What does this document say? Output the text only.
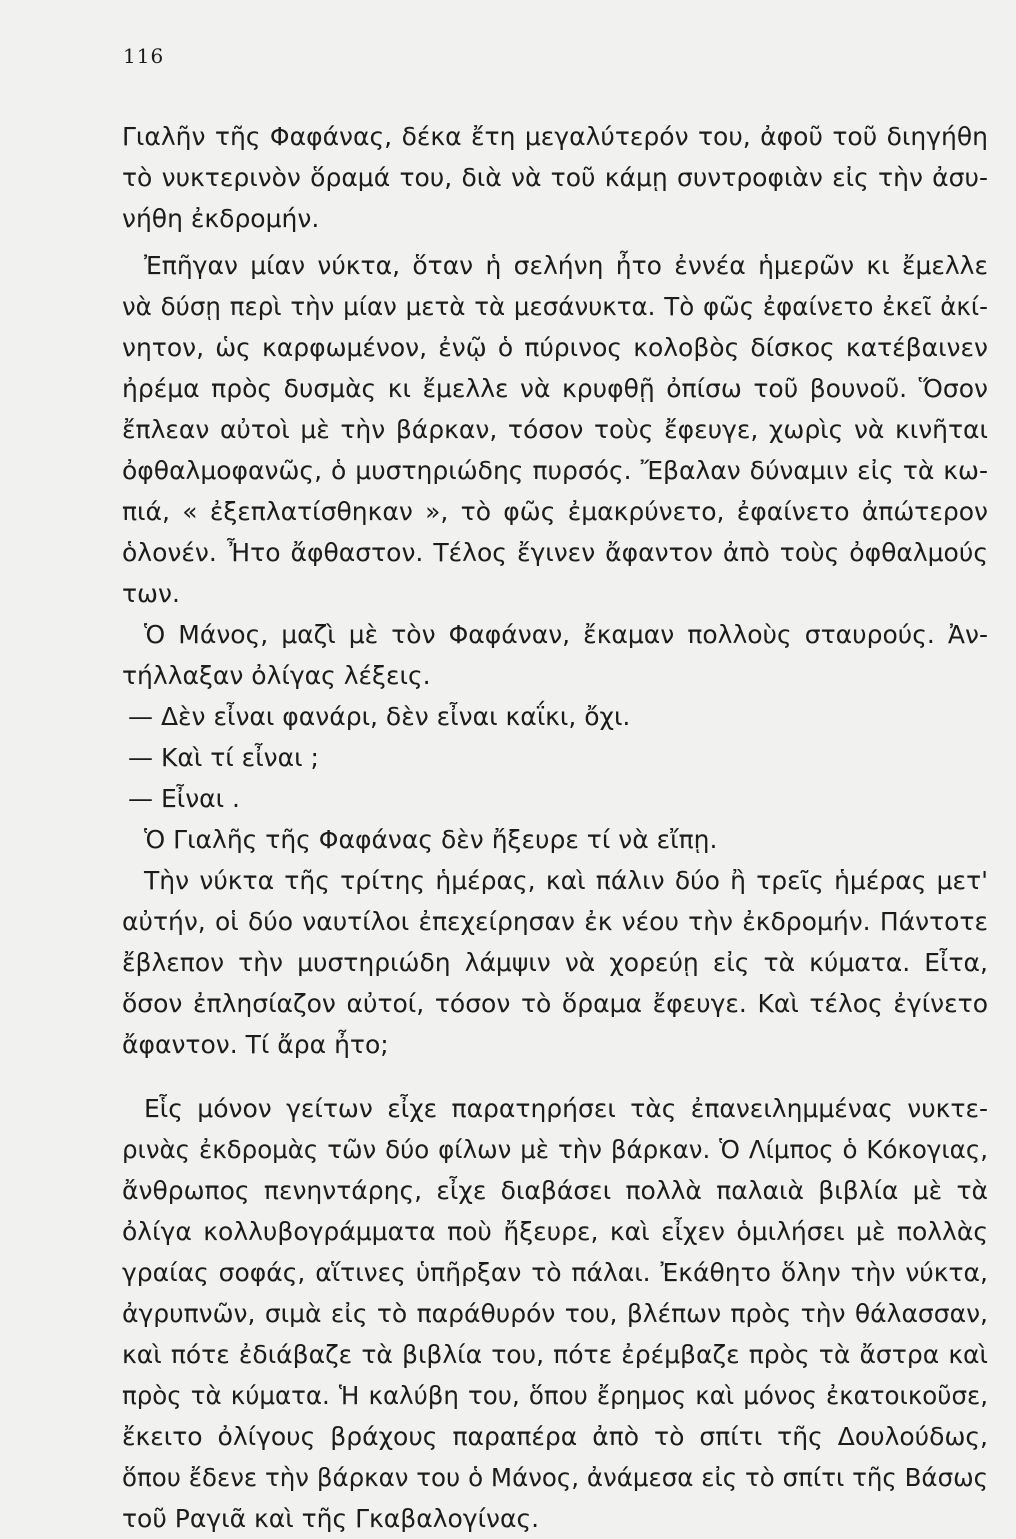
116
Γιαλῆν τῆς Φαφάνας, δέκα ἔτη μεγαλύτερόν του, ἀφοῦ τοῦ διηγήθη
τὸ νυκτερινὸν ὅραμά του, διὰ νὰ τοῦ κάμῃ συντροφιὰν εἰς τὴν ἀσυ-
νήθη ἐκδρομήν.
Ἐπῆγαν μίαν νύκτα, ὅταν ἡ σελήνη ἦτο ἐννέα ἡμερῶν κι ἔμελλε
νὰ δύσῃ περὶ τὴν μίαν μετὰ τὰ μεσάνυκτα. Τὸ φῶς ἐφαίνετο ἐκεῖ ἀκί-
νητον, ὡς καρφωμένον, ἐνῷ ὁ πύρινος κολοβὸς δίσκος κατέβαινεν
ἠρέμα πρὸς δυσμὰς κι ἔμελλε νὰ κρυφθῇ ὀπίσω τοῦ βουνοῦ. Ὅσον
ἔπλεαν αὐτοὶ μὲ τὴν βάρκαν, τόσον τοὺς ἔφευγε, χωρὶς νὰ κινῆται
ὀφθαλμοφανῶς, ὁ μυστηριώδης πυρσός. Ἔβαλαν δύναμιν εἰς τὰ κω-
πιά, « ἐξεπλατίσθηκαν », τὸ φῶς ἐμακρύνετο, ἐφαίνετο ἀπώτερον
ὁλονέν. Ἦτο ἄφθαστον. Τέλος ἔγινεν ἄφαντον ἀπὸ τοὺς ὀφθαλμούς
των.
Ὁ Μάνος, μαζὶ μὲ τὸν Φαφάναν, ἔκαμαν πολλοὺς σταυρούς. Ἀν-
τήλλαξαν ὀλίγας λέξεις.
— Δὲν εἶναι φανάρι, δὲν εἶναι καΐκι, ὄχι.
— Καὶ τί εἶναι ;
— Εἶναι .
Ὁ Γιαλῆς τῆς Φαφάνας δὲν ἤξευρε τί νὰ εἴπῃ.
Τὴν νύκτα τῆς τρίτης ἡμέρας, καὶ πάλιν δύο ἢ τρεῖς ἡμέρας μετ'
αὐτήν, οἱ δύο ναυτίλοι ἐπεχείρησαν ἐκ νέου τὴν ἐκδρομήν. Πάντοτε
ἔβλεπον τὴν μυστηριώδη λάμψιν νὰ χορεύῃ εἰς τὰ κύματα. Εἶτα,
ὅσον ἐπλησίαζον αὐτοί, τόσον τὸ ὅραμα ἔφευγε. Καὶ τέλος ἐγίνετο
ἄφαντον. Τί ἄρα ἦτο;
Εἷς μόνον γείτων εἶχε παρατηρήσει τὰς ἐπανειλημμένας νυκτε-
ρινὰς ἐκδρομὰς τῶν δύο φίλων μὲ τὴν βάρκαν. Ὁ Λίμπος ὁ Κόκογιας,
ἄνθρωπος πενηντάρης, εἶχε διαβάσει πολλὰ παλαιὰ βιβλία μὲ τὰ
ὀλίγα κολλυβογράμματα ποὺ ἤξευρε, καὶ εἶχεν ὁμιλήσει μὲ πολλὰς
γραίας σοφάς, αἵτινες ὑπῆρξαν τὸ πάλαι. Ἐκάθητο ὅλην τὴν νύκτα,
ἀγρυπνῶν, σιμὰ εἰς τὸ παράθυρόν του, βλέπων πρὸς τὴν θάλασσαν,
καὶ πότε ἐδιάβαζε τὰ βιβλία του, πότε ἐρέμβαζε πρὸς τὰ ἄστρα καὶ
πρὸς τὰ κύματα. Ἡ καλύβη του, ὅπου ἔρημος καὶ μόνος ἐκατοικοῦσε,
ἔκειτο ὀλίγους βράχους παραπέρα ἀπὸ τὸ σπίτι τῆς Δουλούδως,
ὅπου ἔδενε τὴν βάρκαν του ὁ Μάνος, ἀνάμεσα εἰς τὸ σπίτι τῆς Βάσως
τοῦ Ραγιᾶ καὶ τῆς Γκαβαλογίνας.
